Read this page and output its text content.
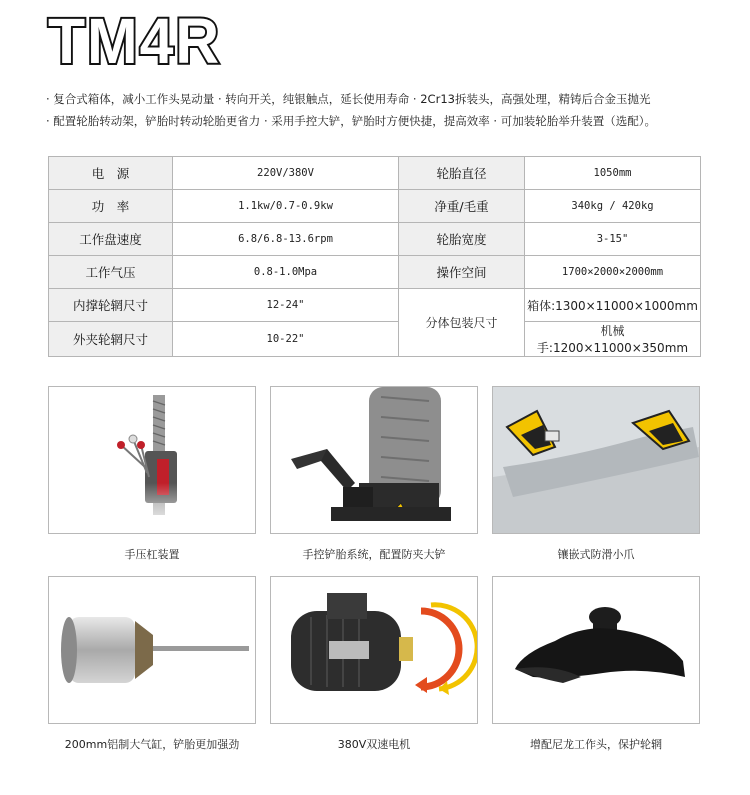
TM4R
· 复合式箱体，减小工作头晃动量 · 转向开关，纯银触点，延长使用寿命 · 2Cr13拆装头，高强处理，精铸后合金玉抛光
· 配置轮胎转动架，铲胎时转动轮胎更省力 · 采用手控大铲，铲胎时方便快捷，提高效率 · 可加装轮胎举升装置（选配）。
电　源	220V/380V	轮胎直径	1050mm
功　率	1.1kw/0.7-0.9kw	净重/毛重	340kg / 420kg
工作盘速度	6.8/6.8-13.6rpm	轮胎宽度	3-15"
工作气压	0.8-1.0Mpa	操作空间	1700×2000×2000mm
内撑轮辋尺寸	12-24"	分体包装尺寸	箱体:1300×11000×1000mm
外夹轮辋尺寸	10-22"		机械手:1200×11000×350mm
手压杠装置	手控铲胎系统，配置防夹大铲	镶嵌式防滑小爪
200mm铝制大气缸，铲胎更加强劲	380V双速电机	增配尼龙工作头，保护轮辋
